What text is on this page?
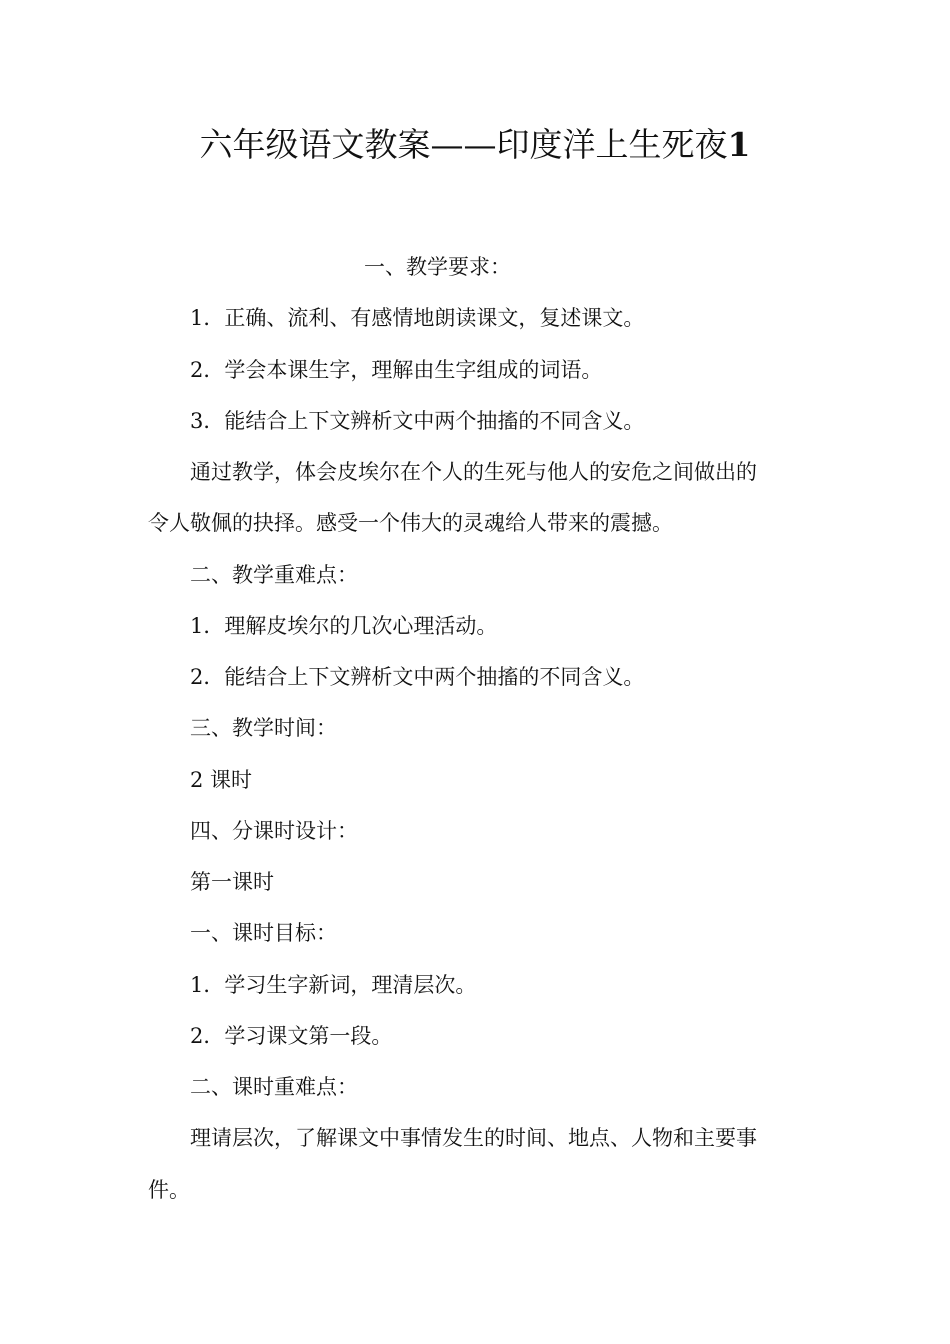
六年级语文教案——印度洋上生死夜1

一、教学要求：

1．正确、流利、有感情地朗读课文，复述课文。

2．学会本课生字，理解由生字组成的词语。

3．能结合上下文辨析文中两个抽搐的不同含义。

通过教学，体会皮埃尔在个人的生死与他人的安危之间做出的

令人敬佩的抉择。感受一个伟大的灵魂给人带来的震撼。

二、教学重难点：

1．理解皮埃尔的几次心理活动。

2．能结合上下文辨析文中两个抽搐的不同含义。

三、教学时间：

2 课时

四、分课时设计：

第一课时

一、课时目标：

1．学习生字新词，理清层次。

2．学习课文第一段。

二、课时重难点：

理请层次，了解课文中事情发生的时间、地点、人物和主要事

件。
